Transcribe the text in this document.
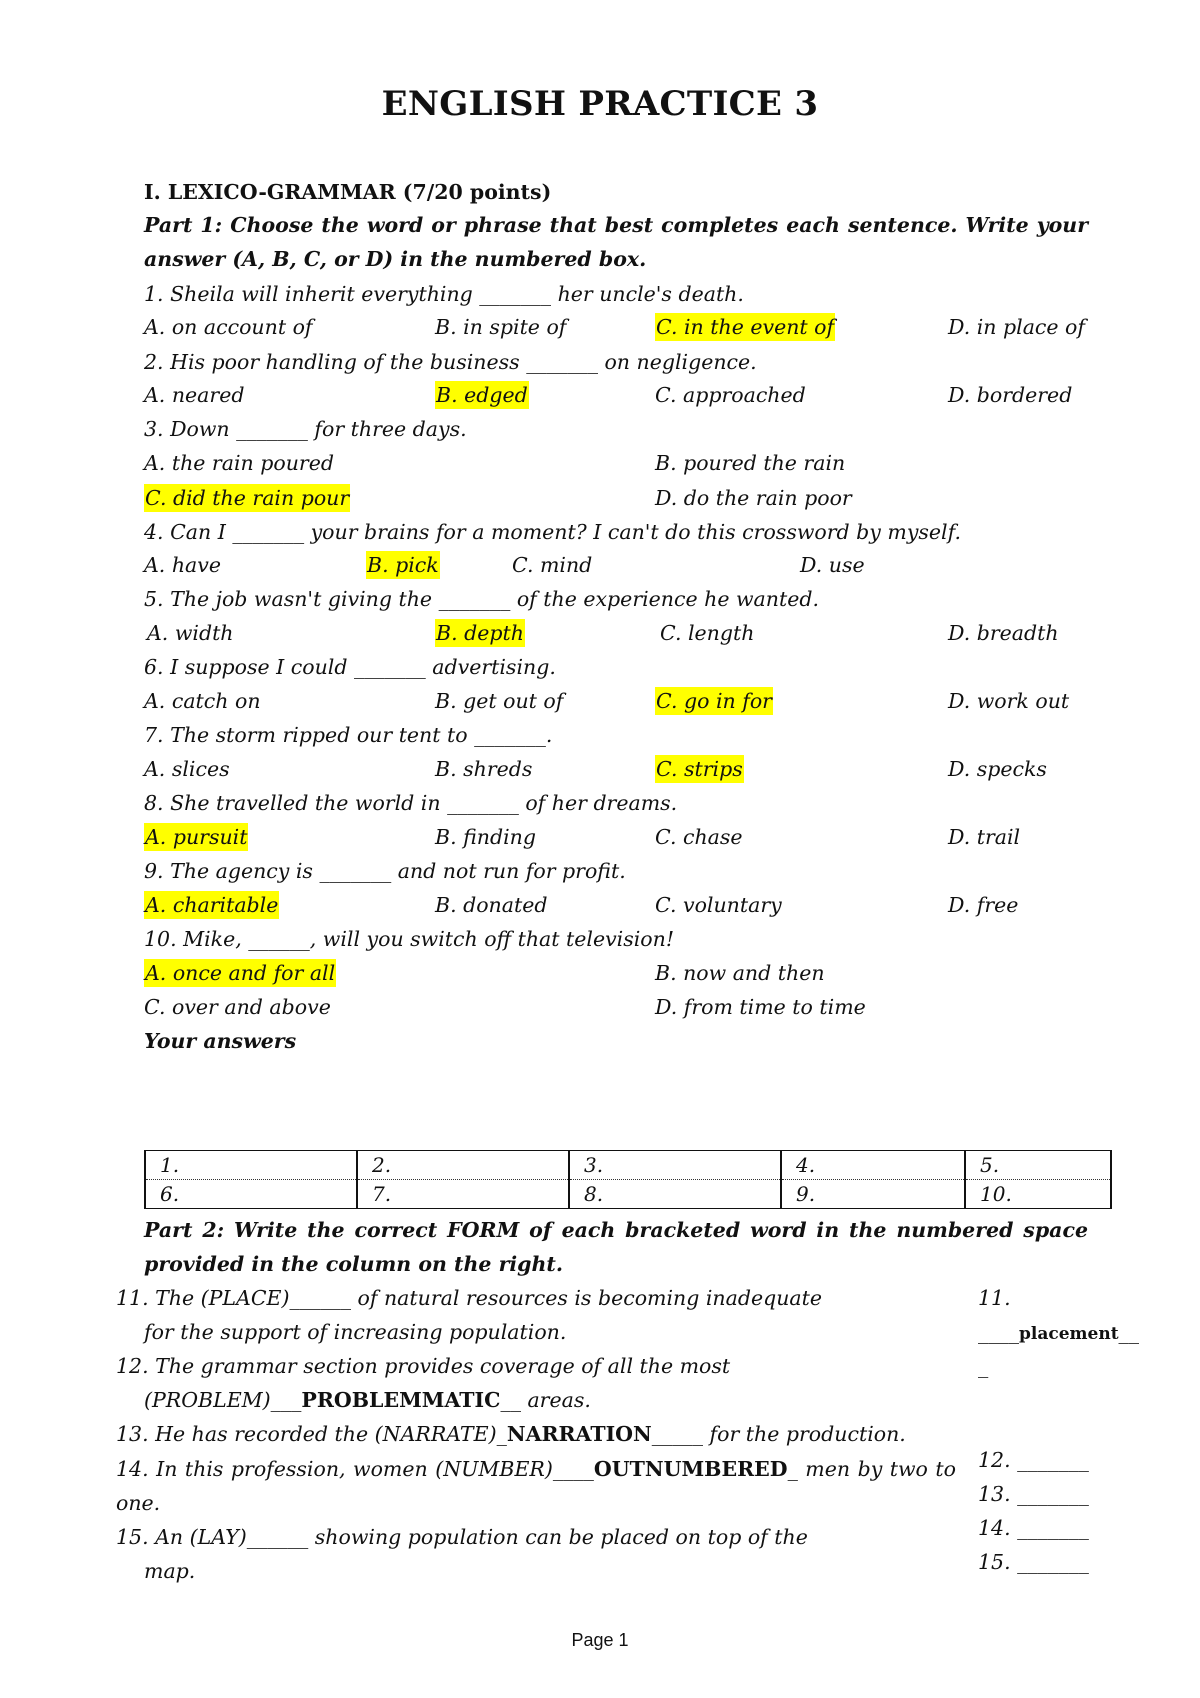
ENGLISH PRACTICE 3
I. LEXICO-GRAMMAR (7/20 points)
Part 1: Choose the word or phrase that best completes each sentence. Write your
answer (A, B, C, or D) in the numbered box.
1. Sheila will inherit everything _______ her uncle's death.
A. on account of	B. in spite of	C. in the event of	D. in place of
2. His poor handling of the business _______ on negligence.
A. neared	B. edged	C. approached	D. bordered
3. Down _______ for three days.
A. the rain poured	B. poured the rain
C. did the rain pour	D. do the rain poor
4. Can I _______ your brains for a moment? I can't do this crossword by myself.
A. have	B. pick	C. mind	D. use
5. The job wasn't giving the _______ of the experience he wanted.
A. width	B. depth	C. length	D. breadth
6. I suppose I could _______ advertising.
A. catch on	B. get out of	C. go in for	D. work out
7. The storm ripped our tent to _______.
A. slices	B. shreds	C. strips	D. specks
8. She travelled the world in _______ of her dreams.
A. pursuit	B. finding	C. chase	D. trail
9. The agency is _______ and not run for profit.
A. charitable	B. donated	C. voluntary	D. free
10. Mike, ______, will you switch off that television!
A. once and for all	B. now and then
C. over and above	D. from time to time
Your answers
1.	2.	3.	4.	5.
6.	7.	8.	9.	10.
Part 2: Write the correct FORM of each bracketed word in the numbered space
provided in the column on the right.
11. The (PLACE)______ of natural resources is becoming inadequate
for the support of increasing population.
12. The grammar section provides coverage of all the most
(PROBLEM)___PROBLEMMATIC__ areas.
13. He has recorded the (NARRATE)_NARRATION_____ for the production.
14. In this profession, women (NUMBER)____OUTNUMBERED_ men by two to
one.
15. An (LAY)______ showing population can be placed on top of the
map.
11.
____placement__
_
12. _______
13. _______
14. _______
15. _______
Page 1
